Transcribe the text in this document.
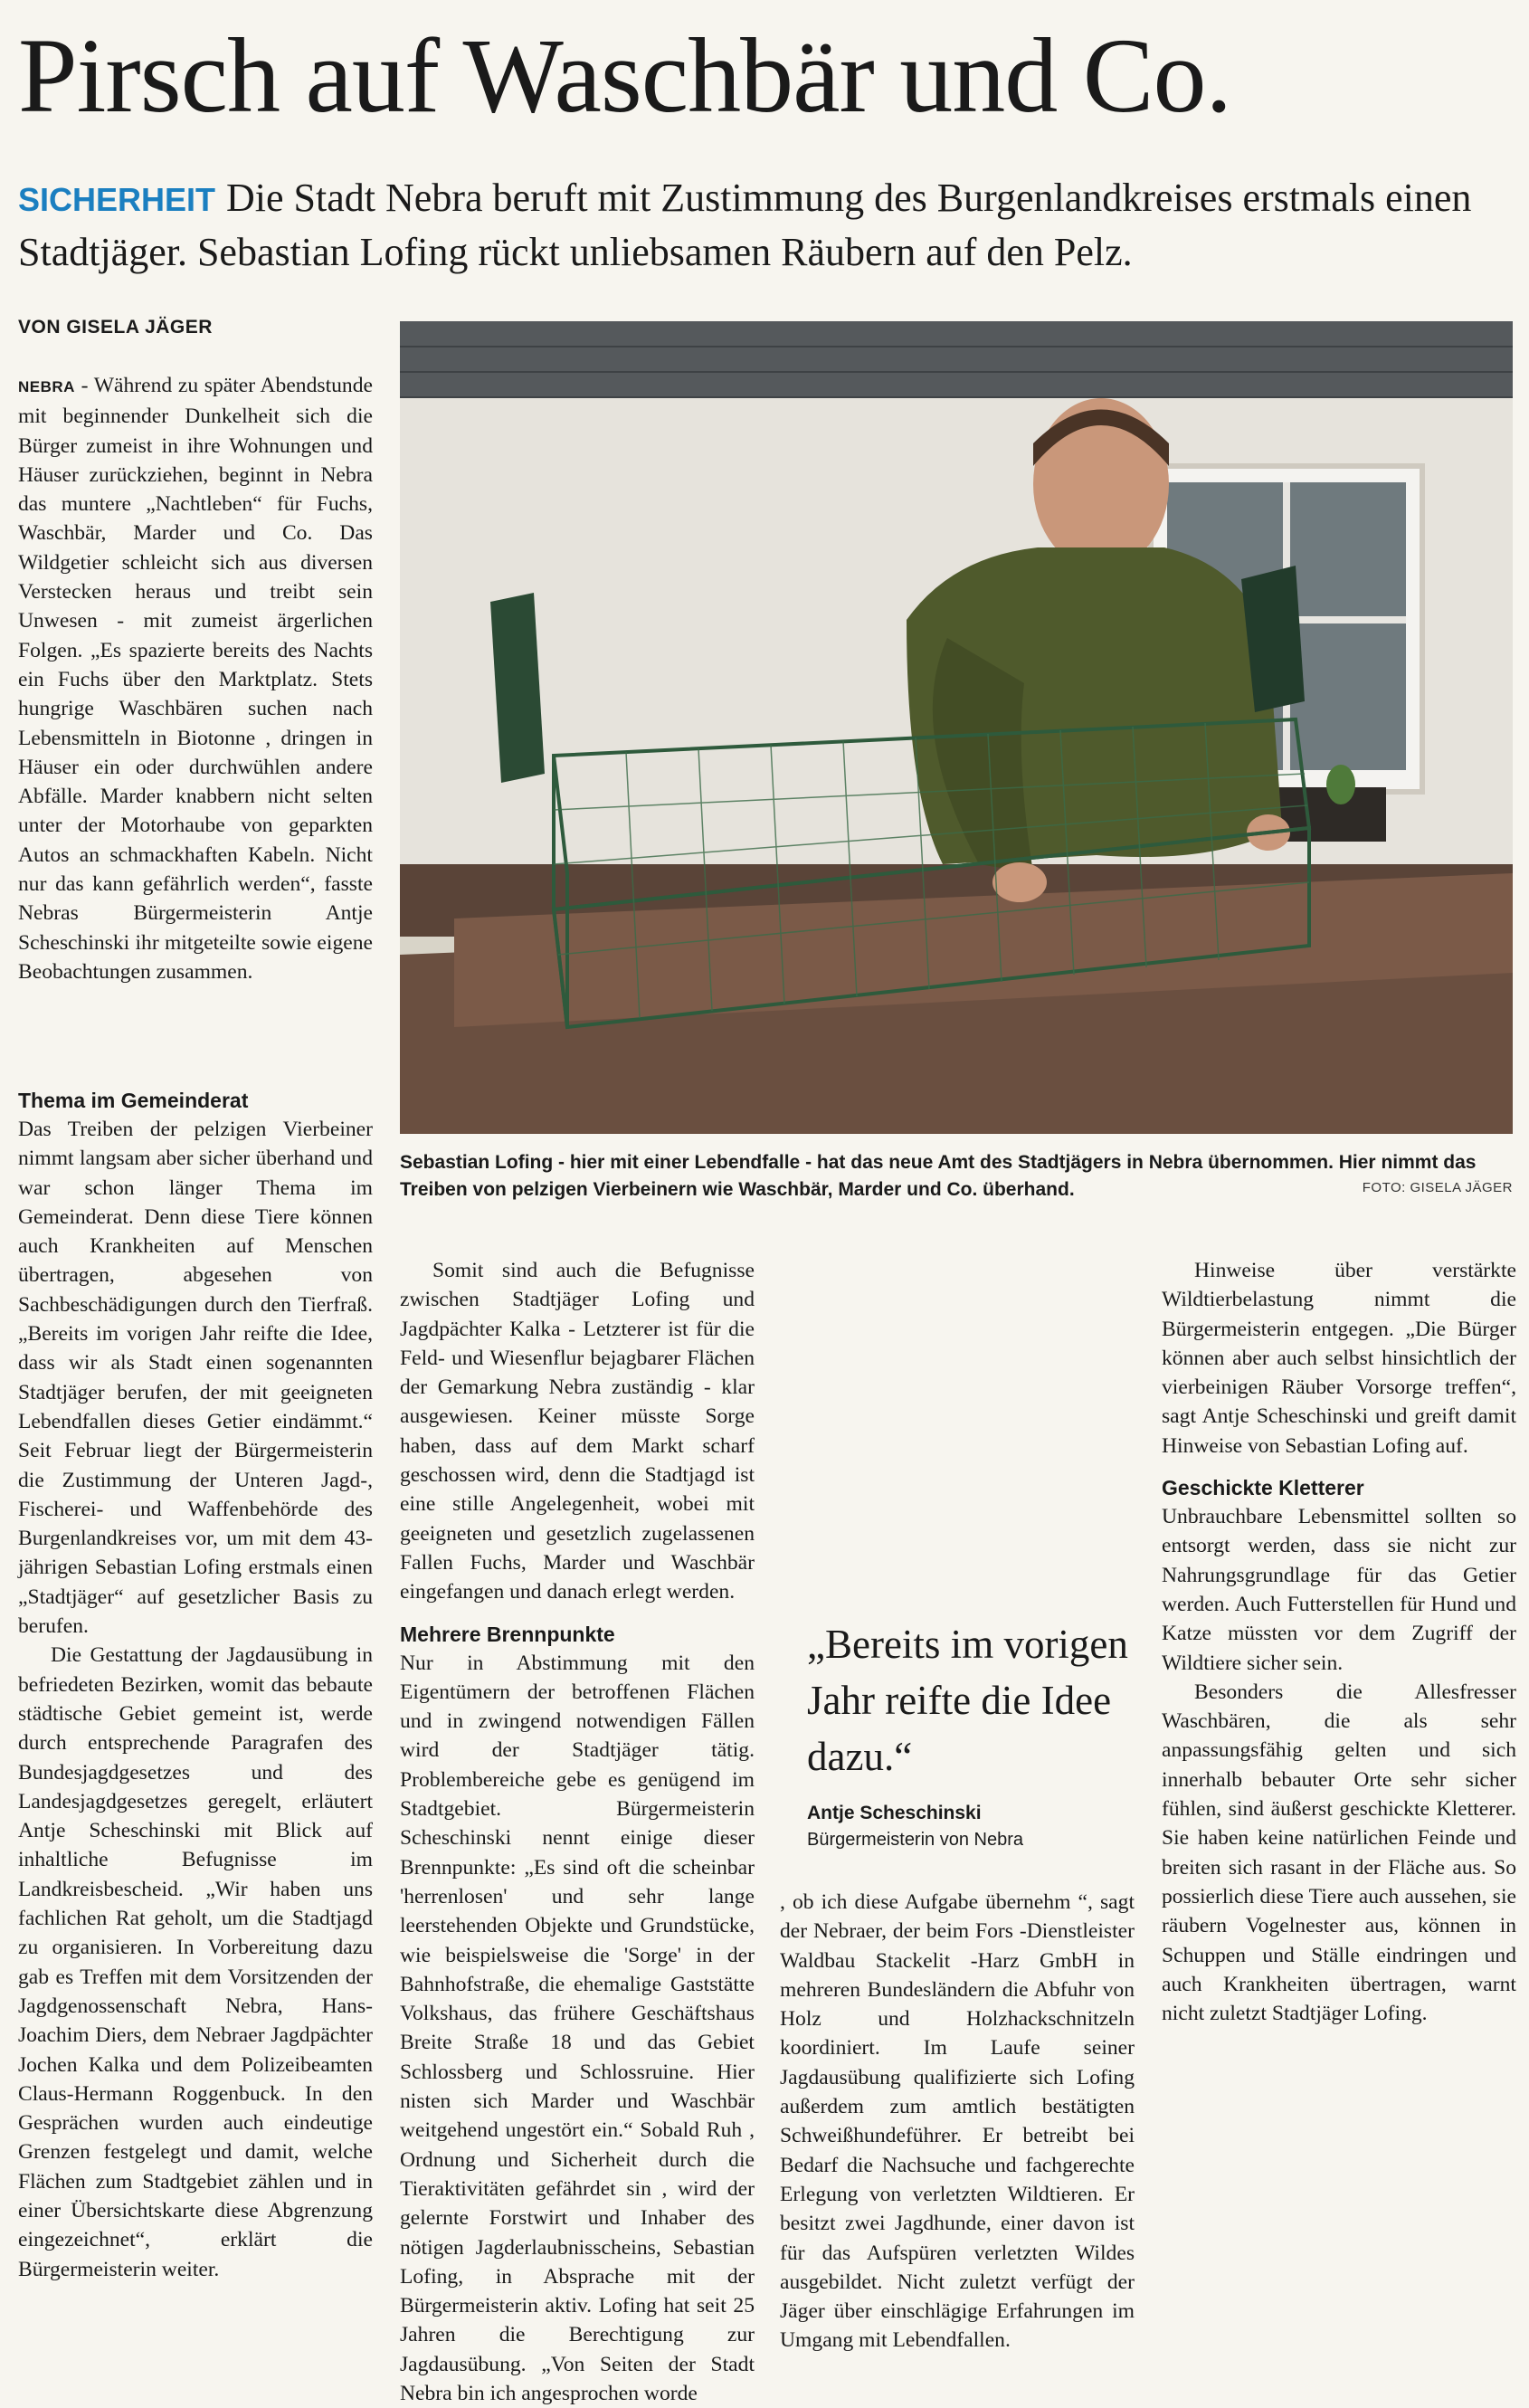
Pirsch auf Waschbär und Co.

SICHERHEIT Die Stadt Nebra beruft mit Zustimmung des Burgenlandkreises erstmals einen Stadtjäger. Sebastian Lofing rückt unliebsamen Räubern auf den Pelz.

VON GISELA JÄGER

NEBRA - Während zu später Abendstunde mit beginnender Dunkelheit sich die Bürger zumeist in ihre Wohnungen und Häuser zurückziehen, beginnt in Nebra das muntere „Nachtleben“ für Fuchs, Waschbär, Marder und Co. Das Wildgetier schleicht sich aus diversen Verstecken heraus und treibt sein Unwesen - mit zumeist ärgerlichen Folgen. „Es spazierte bereits des Nachts ein Fuchs über den Marktplatz. Stets hungrige Waschbären suchen nach Lebensmitteln in Biotonne , dringen in Häuser ein oder durchwühlen andere Abfälle. Marder knabbern nicht selten unter der Motorhaube von geparkten Autos an schmackhaften Kabeln. Nicht nur das kann gefährlich werden“, fasste Nebras Bürgermeisterin Antje Scheschinski ihr mitgeteilte sowie eigene Beobachtungen zusammen.

Thema im Gemeinderat

Das Treiben der pelzigen Vierbeiner nimmt langsam aber sicher überhand und war schon länger Thema im Gemeinderat. Denn diese Tiere können auch Krankheiten auf Menschen übertragen, abgesehen von Sachbeschädigungen durch den Tierfraß. „Bereits im vorigen Jahr reifte die Idee, dass wir als Stadt einen sogenannten Stadtjäger berufen, der mit geeigneten Lebendfallen dieses Getier eindämmt.“ Seit Februar liegt der Bürgermeisterin die Zustimmung der Unteren Jagd-, Fischerei- und Waffenbehörde des Burgenlandkreises vor, um mit dem 43-jährigen Sebastian Lofing erstmals einen „Stadtjäger“ auf gesetzlicher Basis zu berufen.

Die Gestattung der Jagdausübung in befriedeten Bezirken, womit das bebaute städtische Gebiet gemeint ist, werde durch entsprechende Paragrafen des Bundesjagdgesetzes und des Landesjagdgesetzes geregelt, erläutert Antje Scheschinski mit Blick auf inhaltliche Befugnisse im Landkreisbescheid. „Wir haben uns fachlichen Rat geholt, um die Stadtjagd zu organisieren. In Vorbereitung dazu gab es Treffen mit dem Vorsitzenden der Jagdgenossenschaft Nebra, Hans-Joachim Diers, dem Nebraer Jagdpächter Jochen Kalka und dem Polizeibeamten Claus-Hermann Roggenbuck. In den Gesprächen wurden auch eindeutige Grenzen festgelegt und damit, welche Flächen zum Stadtgebiet zählen und in einer Übersichtskarte diese Abgrenzung eingezeichnet“, erklärt die Bürgermeisterin weiter.

Somit sind auch die Befugnisse zwischen Stadtjäger Lofing und Jagdpächter Kalka - Letzterer ist für die Feld- und Wiesenflur bejagbarer Flächen der Gemarkung Nebra zuständig - klar ausgewiesen. Keiner müsste Sorge haben, dass auf dem Markt scharf geschossen wird, denn die Stadtjagd ist eine stille Angelegenheit, wobei mit geeigneten und gesetzlich zugelassenen Fallen Fuchs, Marder und Waschbär eingefangen und danach erlegt werden.

Mehrere Brennpunkte

Nur in Abstimmung mit den Eigentümern der betroffenen Flächen und in zwingend notwendigen Fällen wird der Stadtjäger tätig. Problembereiche gebe es genügend im Stadtgebiet. Bürgermeisterin Scheschinski nennt einige dieser Brennpunkte: „Es sind oft die scheinbar 'herrenlosen' und sehr lange leerstehenden Objekte und Grundstücke, wie beispielsweise die 'Sorge' in der Bahnhofstraße, die ehemalige Gaststätte Volkshaus, das frühere Geschäftshaus Breite Straße 18 und das Gebiet Schlossberg und Schlossruine. Hier nisten sich Marder und Waschbär weitgehend ungestört ein.“ Sobald Ruh , Ordnung und Sicherheit durch die Tieraktivitäten gefährdet sin , wird der gelernte Forstwirt und Inhaber des nötigen Jagderlaubnisscheins, Sebastian Lofing, in Absprache mit der Bürgermeisterin aktiv. Lofing hat seit 25 Jahren die Berechtigung zur Jagdausübung. „Von Seiten der Stadt Nebra bin ich angesprochen worde

„Bereits im vorigen Jahr reifte die Idee dazu.“
Antje Scheschinski
Bürgermeisterin von Nebra

, ob ich diese Aufgabe übernehm “, sagt der Nebraer, der beim Fors -Dienstleister Waldbau Stackelit -Harz GmbH in mehreren Bundesländern die Abfuhr von Holz und Holzhackschnitzeln koordiniert. Im Laufe seiner Jagdausübung qualifizierte sich Lofing außerdem zum amtlich bestätigten Schweißhundeführer. Er betreibt bei Bedarf die Nachsuche und fachgerechte Erlegung von verletzten Wildtieren. Er besitzt zwei Jagdhunde, einer davon ist für das Aufspüren verletzten Wildes ausgebildet. Nicht zuletzt verfügt der Jäger über einschlägige Erfahrungen im Umgang mit Lebendfallen.

Hinweise über verstärkte Wildtierbelastung nimmt die Bürgermeisterin entgegen. „Die Bürger können aber auch selbst hinsichtlich der vierbeinigen Räuber Vorsorge treffen“, sagt Antje Scheschinski und greift damit Hinweise von Sebastian Lofing auf.

Geschickte Kletterer

Unbrauchbare Lebensmittel sollten so entsorgt werden, dass sie nicht zur Nahrungsgrundlage für das Getier werden. Auch Futterstellen für Hund und Katze müssten vor dem Zugriff der Wildtiere sicher sein.

Besonders die Allesfresser Waschbären, die als sehr anpassungsfähig gelten und sich innerhalb bebauter Orte sehr sicher fühlen, sind äußerst geschickte Kletterer. Sie haben keine natürlichen Feinde und breiten sich rasant in der Fläche aus. So possierlich diese Tiere auch aussehen, sie räubern Vogelnester aus, können in Schuppen und Ställe eindringen und auch Krankheiten übertragen, warnt nicht zuletzt Stadtjäger Lofing.

Sebastian Lofing - hier mit einer Lebendfalle - hat das neue Amt des Stadtjägers in Nebra übernommen. Hier nimmt das Treiben von pelzigen Vierbeinern wie Waschbär, Marder und Co. überhand.	FOTO: GISELA JÄGER
